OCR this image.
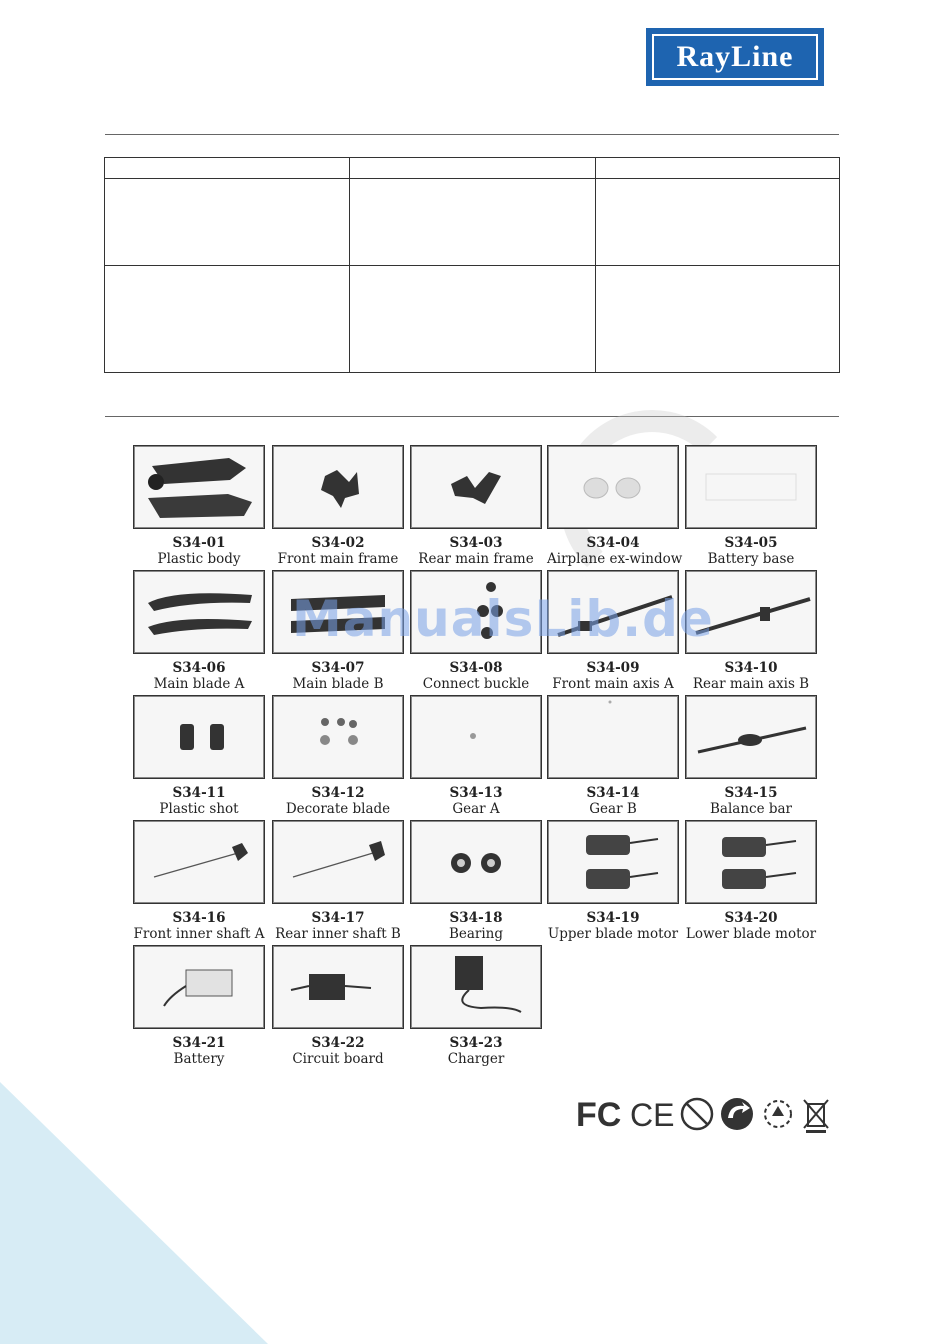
RayLine

S34-01
Plastic body
S34-02
Front main frame
S34-03
Rear main frame
S34-04
Airplane ex-window
S34-05
Battery base
S34-06
Main blade A
S34-07
Main blade B
S34-08
Connect buckle
S34-09
Front main axis A
S34-10
Rear main axis B
S34-11
Plastic shot
S34-12
Decorate blade
S34-13
Gear A
S34-14
Gear B
S34-15
Balance bar
S34-16
Front inner shaft A
S34-17
Rear inner shaft B
S34-18
Bearing
S34-19
Upper blade motor
S34-20
Lower blade motor
S34-21
Battery
S34-22
Circuit board
S34-23
Charger
ManualsLib.de
FC CE
